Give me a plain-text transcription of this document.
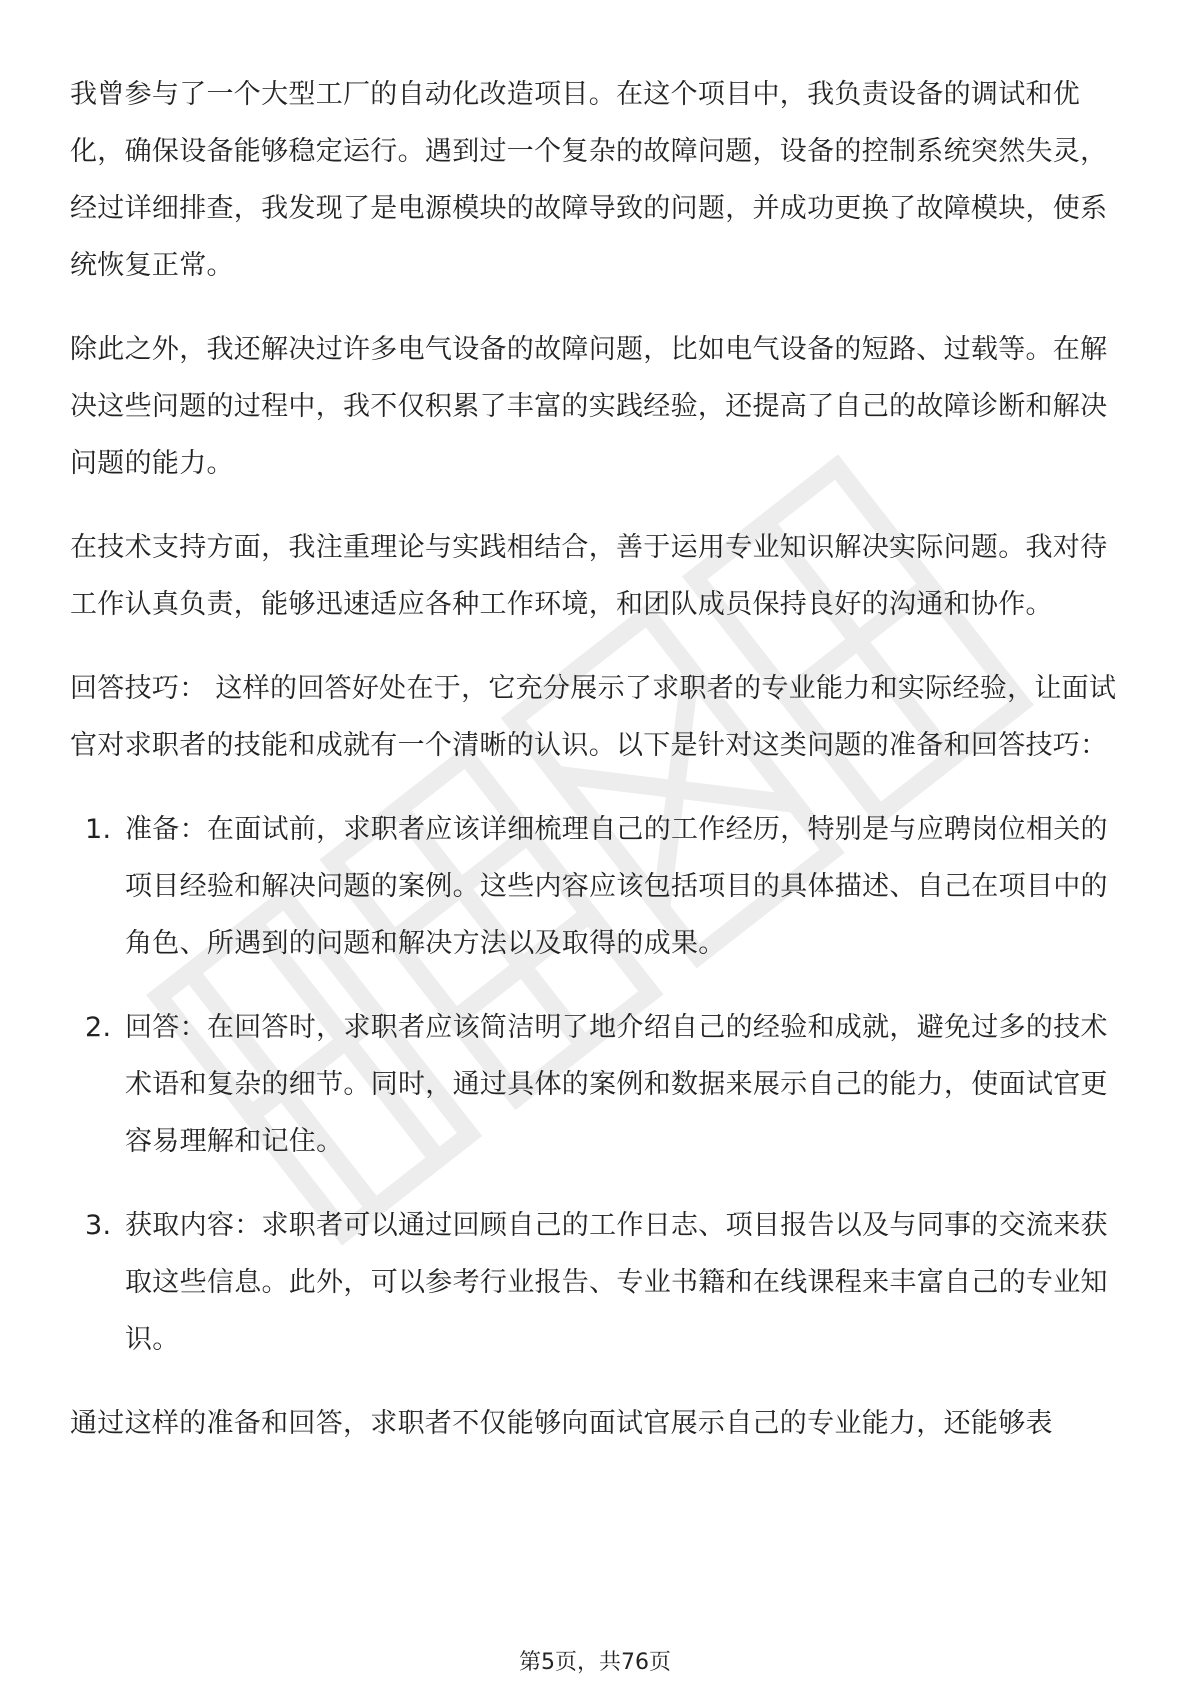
我曾参与了一个大型工厂的自动化改造项目。在这个项目中，我负责设备的调试和优化，确保设备能够稳定运行。遇到过一个复杂的故障问题，设备的控制系统突然失灵，经过详细排查，我发现了是电源模块的故障导致的问题，并成功更换了故障模块，使系统恢复正常。

除此之外，我还解决过许多电气设备的故障问题，比如电气设备的短路、过载等。在解决这些问题的过程中，我不仅积累了丰富的实践经验，还提高了自己的故障诊断和解决问题的能力。

在技术支持方面，我注重理论与实践相结合，善于运用专业知识解决实际问题。我对待工作认真负责，能够迅速适应各种工作环境，和团队成员保持良好的沟通和协作。

回答技巧： 这样的回答好处在于，它充分展示了求职者的专业能力和实际经验，让面试官对求职者的技能和成就有一个清晰的认识。以下是针对这类问题的准备和回答技巧：

1. 准备：在面试前，求职者应该详细梳理自己的工作经历，特别是与应聘岗位相关的项目经验和解决问题的案例。这些内容应该包括项目的具体描述、自己在项目中的角色、所遇到的问题和解决方法以及取得的成果。
2. 回答：在回答时，求职者应该简洁明了地介绍自己的经验和成就，避免过多的技术术语和复杂的细节。同时，通过具体的案例和数据来展示自己的能力，使面试官更容易理解和记住。
3. 获取内容：求职者可以通过回顾自己的工作日志、项目报告以及与同事的交流来获取这些信息。此外，可以参考行业报告、专业书籍和在线课程来丰富自己的专业知识。

通过这样的准备和回答，求职者不仅能够向面试官展示自己的专业能力，还能够表

第5页，共76页
